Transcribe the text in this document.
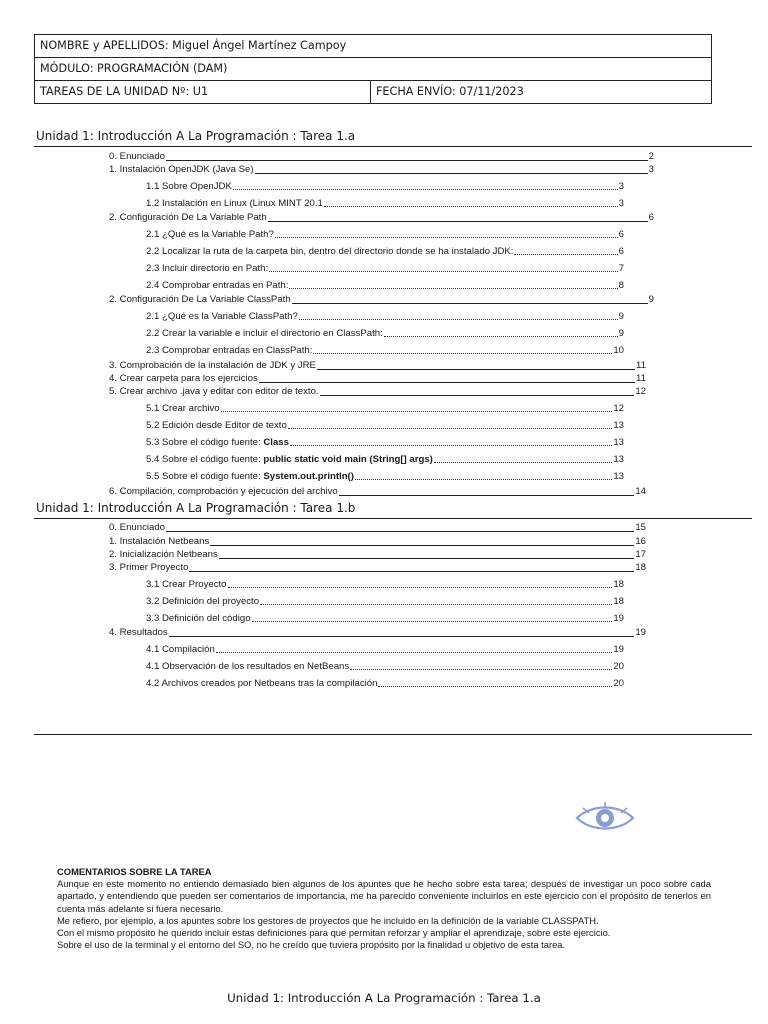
NOMBRE y APELLIDOS: Miguel Ángel Martínez Campoy
MÓDULO: PROGRAMACIÓN (DAM)
TAREAS DE LA UNIDAD Nº: U1	FECHA ENVÍO: 07/11/2023
Unidad 1: Introducción A La Programación : Tarea 1.a
0. Enunciado	2
1. Instalación OpenJDK (Java Se)	3
1.1 Sobre OpenJDK	3
1.2 Instalación en Linux (Linux MINT 20.1	3
2. Configuración De La Variable Path	6
2.1 ¿Qué es la Variable Path?	6
2.2 Localizar la ruta de la carpeta bin, dentro del directorio donde se ha instalado JDK:	6
2.3 Incluir directorio en Path:	7
2.4 Comprobar entradas en Path:	8
2. Configuración De La Variable ClassPath	9
2.1 ¿Qué es la Variable ClassPath?	9
2.2 Crear la variable e incluir el directorio en ClassPath:	9
2.3 Comprobar entradas en ClassPath:	10
3. Comprobación de la instalación de JDK y JRE	11
4. Crear carpeta para los ejercicios	11
5. Crear archivo .java y editar con editor de texto.	12
5.1 Crear archivo	12
5.2 Edición desde Editor de texto	13
5.3 Sobre el código fuente: Class	13
5.4 Sobre el código fuente: public static void main (String[] args)	13
5.5 Sobre el código fuente: System.out.println()	13
6. Compilación, comprobación y ejecución del archivo	14
Unidad 1: Introducción A La Programación : Tarea 1.b
0. Enunciado	15
1. Instalación Netbeans	16
2. Inicialización Netbeans	17
3. Primer Proyecto	18
3.1 Crear Proyecto	18
3.2 Definición del proyecto	18
3.3 Definición del código	19
4. Resultados	19
4.1 Compilación	19
4.1 Observación de los resultados en NetBeans	20
4.2 Archivos creados por Netbeans tras la compilación	20

COMENTARIOS SOBRE LA TAREA

Aunque en este momento no entiendo demasiado bien algunos de los apuntes que he hecho sobre esta tarea; después de investigar un poco sobre cada apartado, y entendiendo que pueden ser comentarios de importancia, me ha parecido conveniente incluirlos en este ejercicio con el propósito de tenerlos en cuenta más adelante si fuera necesario.

Me refiero, por ejemplo, a los apuntes sobre los gestores de proyectos que he incluido en la definición de la variable CLASSPATH.

Con el mismo propósito he querido incluir estas definiciones para que permitan reforzar y ampliar el aprendizaje, sobre este ejercicio.

Sobre el uso de la terminal y el entorno del SO, no he creído que tuviera propósito por la finalidad u objetivo de esta tarea.

Unidad 1: Introducción A La Programación : Tarea 1.a
